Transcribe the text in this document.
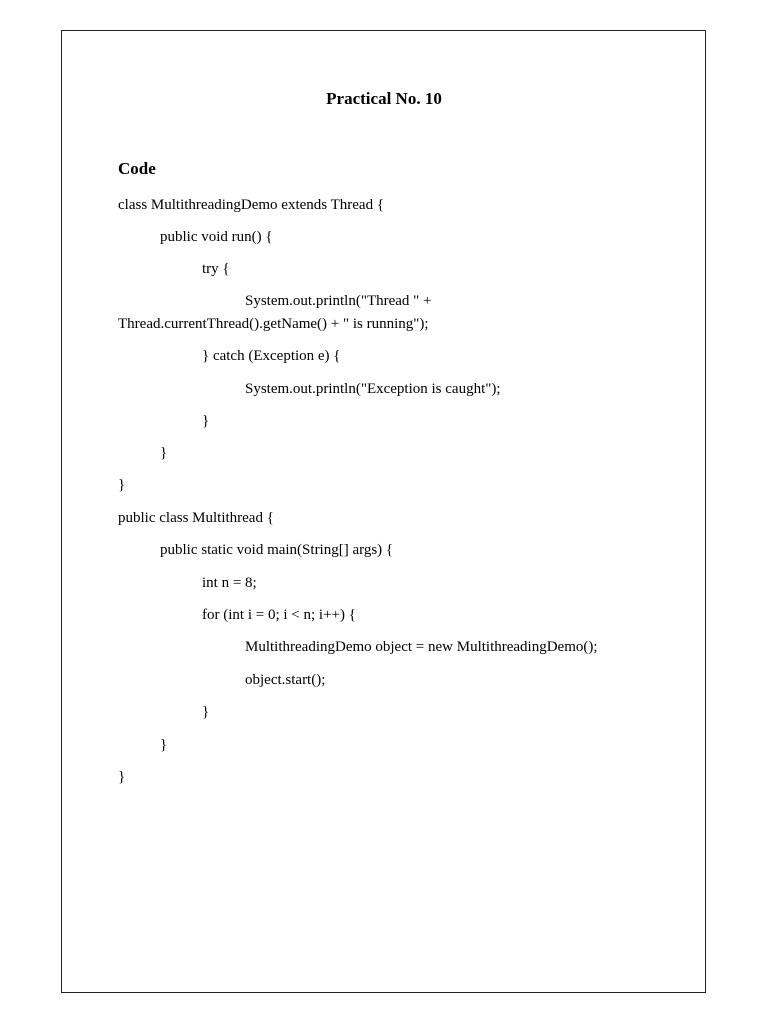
Practical No. 10
Code
class MultithreadingDemo extends Thread {
public void run() {
try {
System.out.println("Thread " +
Thread.currentThread().getName() + " is running");
} catch (Exception e) {
System.out.println("Exception is caught");
}
}
}
public class Multithread {
public static void main(String[] args) {
int n = 8;
for (int i = 0; i < n; i++) {
MultithreadingDemo object = new MultithreadingDemo();
object.start();
}
}
}
